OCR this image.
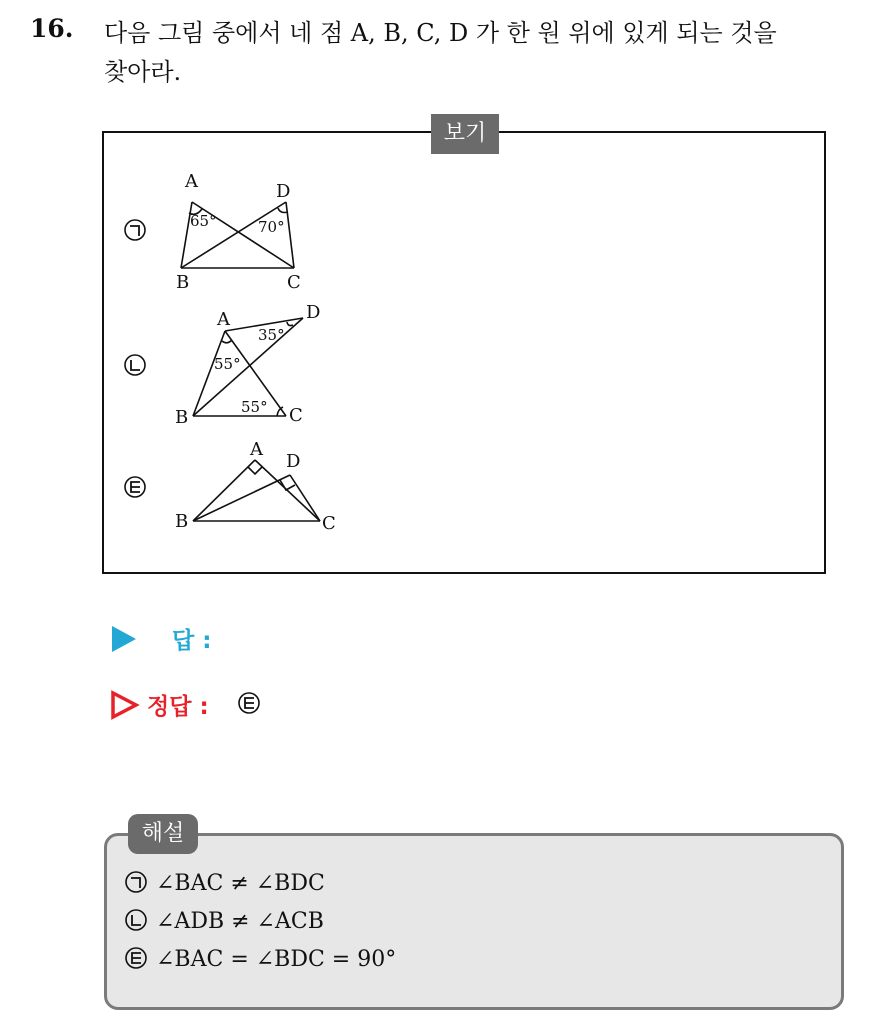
16. 다음 그림 중에서 네 점 A, B, C, D 가 한 원 위에 있게 되는 것을
찾아라.
보기
A	D
B	C
65°	70°
A	D
B	C
35°
55°
55°
A
D
B	C
답 :
정답 :
해설
∠BAC ≠ ∠BDC
∠ADB ≠ ∠ACB
∠BAC = ∠BDC = 90°
